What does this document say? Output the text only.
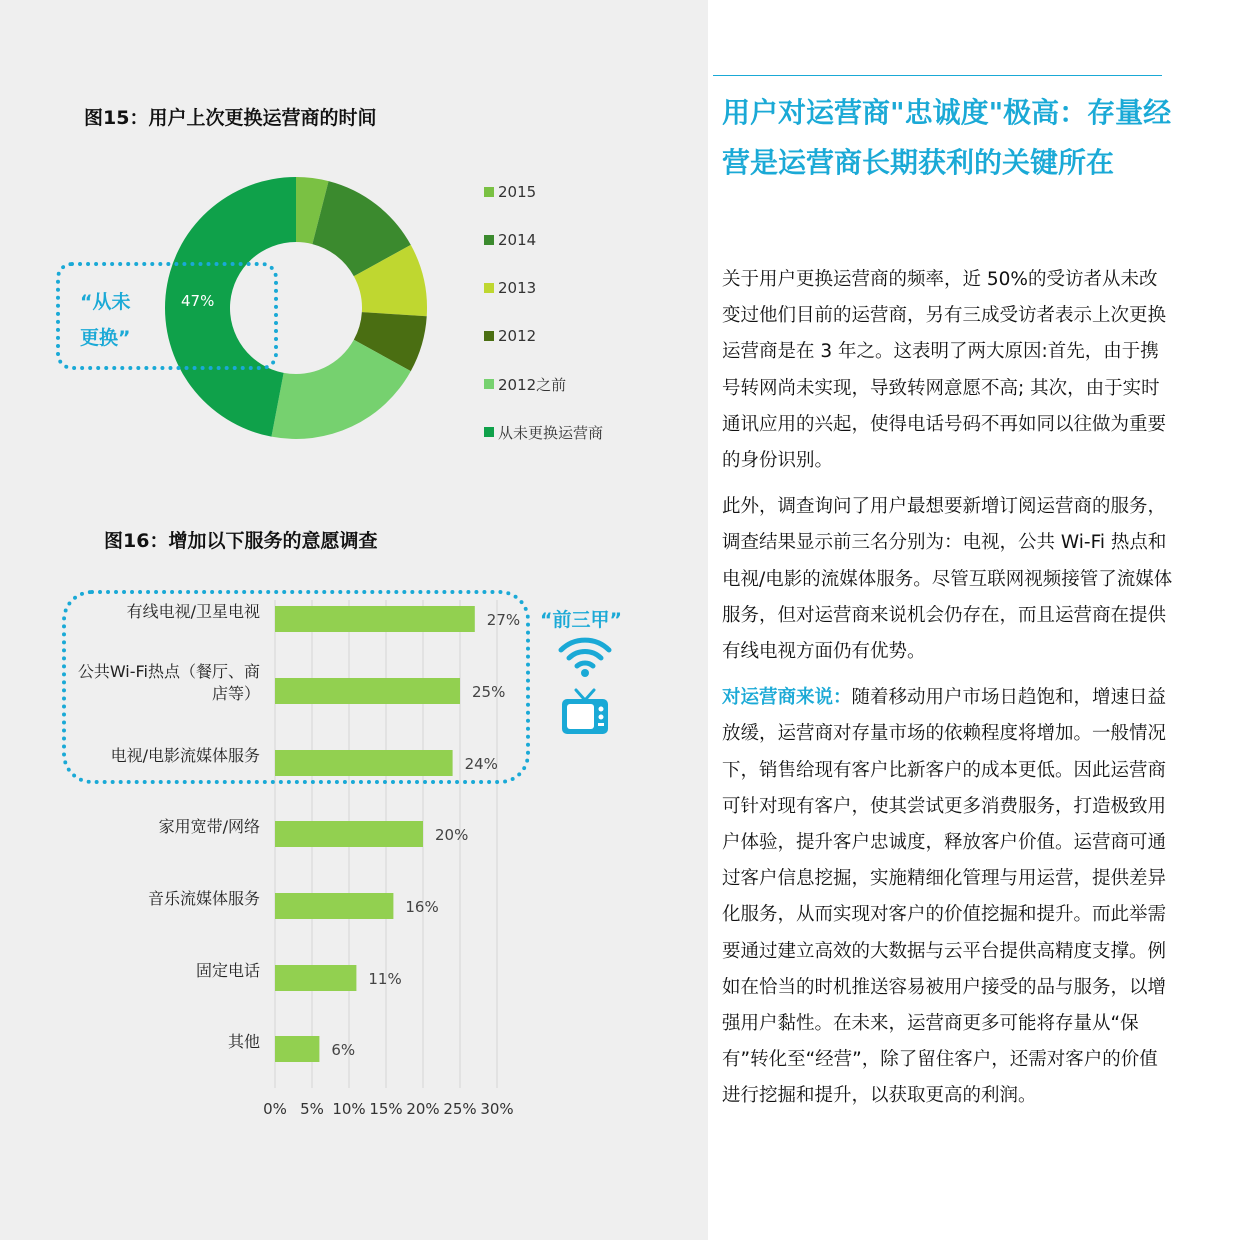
图15：用户上次更换运营商的时间
2015
2014
2013
2012
2012之前
从未更换运营商
“从未
更换”
47%
图16：增加以下服务的意愿调查
0% 5% 10% 15% 20% 25% 30%
27%
有线电视/卫星电视
25%
公共Wi-Fi热点（餐厅、商
店等）
24%
电视/电影流媒体服务
20%
家用宽带/网络
16%
音乐流媒体服务
11%
固定电话
6%
其他
“前三甲”
用户对运营商"忠诚度"极高：存量经营是运营商长期获利的关键所在

关于用户更换运营商的频率，近 50%的受访者从未改变过他们目前的运营商，另有三成受访者表示上次更换运营商是在 3 年之。这表明了两大原因:首先，由于携号转网尚未实现，导致转网意愿不高; 其次，由于实时通讯应用的兴起，使得电话号码不再如同以往做为重要的身份识别。

此外，调查询问了用户最想要新增订阅运营商的服务，调查结果显示前三名分别为：电视，公共 Wi-Fi 热点和电视/电影的流媒体服务。尽管互联网视频接管了流媒体服务，但对运营商来说机会仍存在，而且运营商在提供有线电视方面仍有优势。

对运营商来说：随着移动用户市场日趋饱和，增速日益放缓，运营商对存量市场的依赖程度将增加。一般情况下，销售给现有客户比新客户的成本更低。因此运营商可针对现有客户，使其尝试更多消费服务，打造极致用户体验，提升客户忠诚度，释放客户价值。运营商可通过客户信息挖掘，实施精细化管理与用运营，提供差异化服务，从而实现对客户的价值挖掘和提升。而此举需要通过建立高效的大数据与云平台提供高精度支撑。例如在恰当的时机推送容易被用户接受的品与服务，以增强用户黏性。在未来，运营商更多可能将存量从“保有”转化至“经营”，除了留住客户，还需对客户的价值进行挖掘和提升，以获取更高的利润。
